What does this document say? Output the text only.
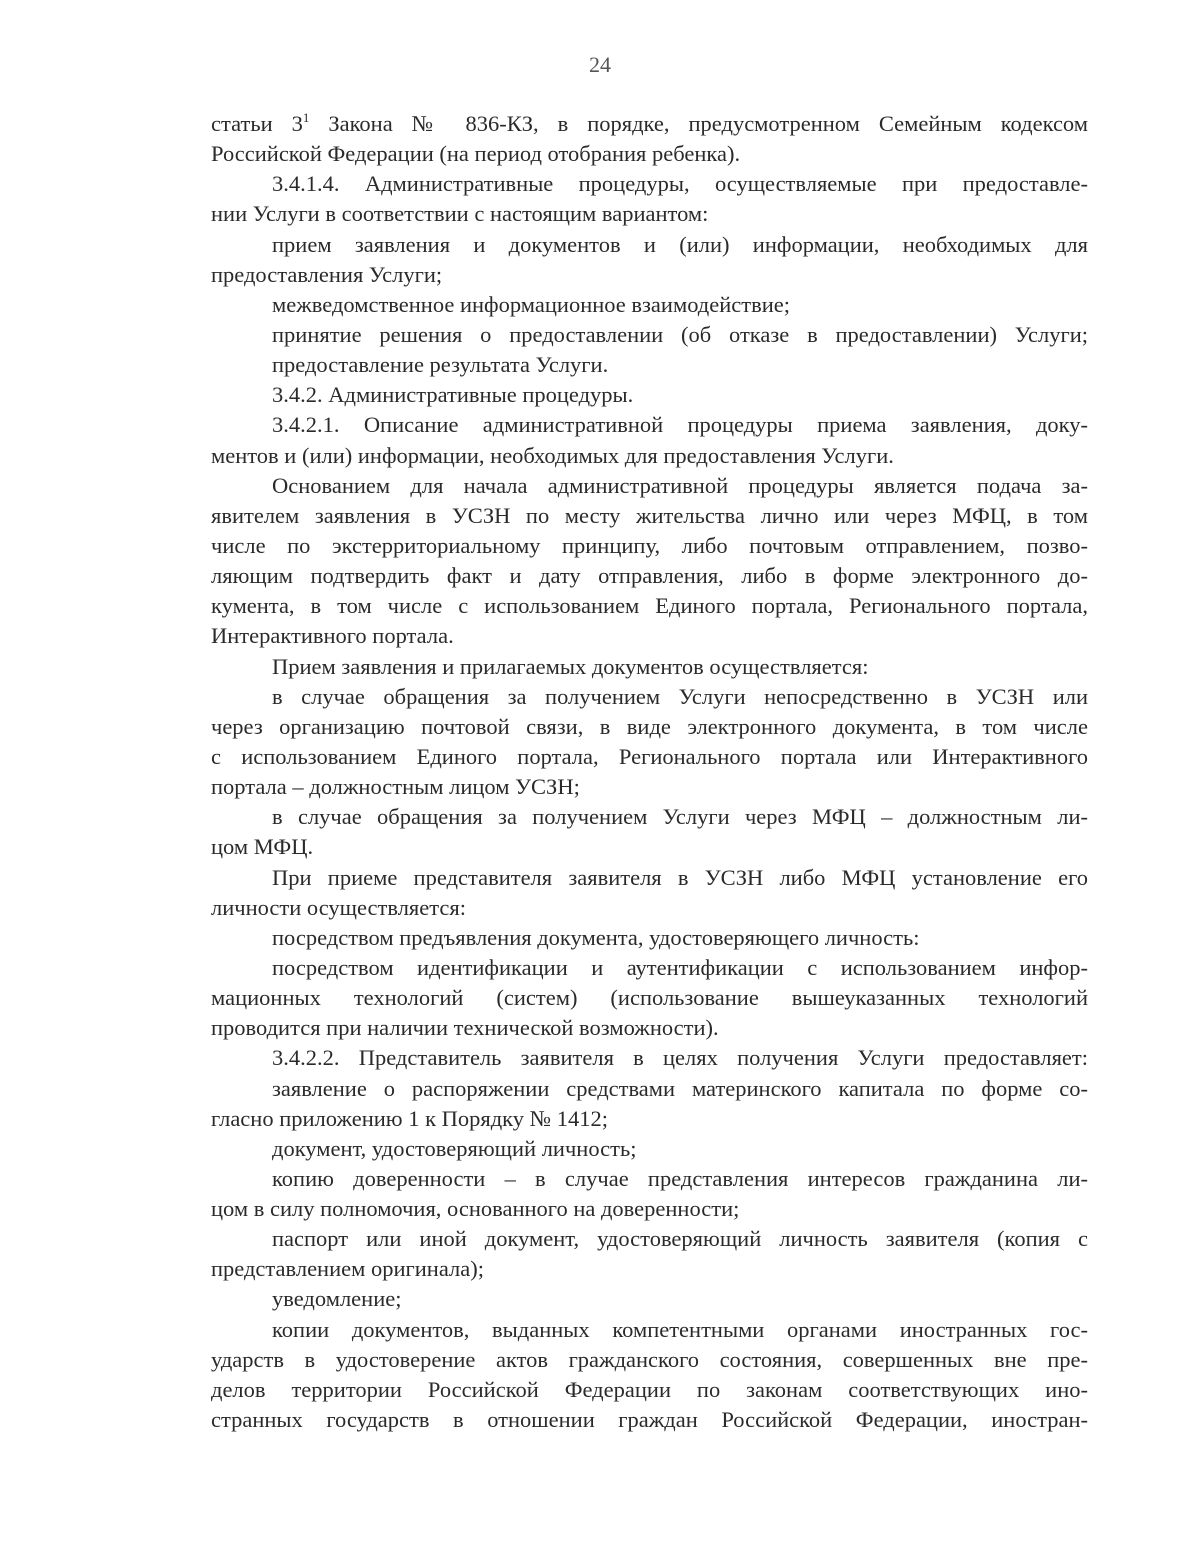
24
статьи $3^1$ Закона № 836-КЗ, в порядке, предусмотренном Семейным кодексом
Российской Федерации (на период отобрания ребенка).
3.4.1.4. Административные процедуры, осуществляемые при предоставле-
нии Услуги в соответствии с настоящим вариантом:
прием заявления и документов и (или) информации, необходимых для
предоставления Услуги;
межведомственное информационное взаимодействие;
принятие решения о предоставлении (об отказе в предоставлении) Услуги;
предоставление результата Услуги.
3.4.2. Административные процедуры.
3.4.2.1. Описание административной процедуры приема заявления, доку-
ментов и (или) информации, необходимых для предоставления Услуги.
Основанием для начала административной процедуры является подача за-
явителем заявления в УСЗН по месту жительства лично или через МФЦ, в том
числе по экстерриториальному принципу, либо почтовым отправлением, позво-
ляющим подтвердить факт и дату отправления, либо в форме электронного до-
кумента, в том числе с использованием Единого портала, Регионального портала,
Интерактивного портала.
Прием заявления и прилагаемых документов осуществляется:
в случае обращения за получением Услуги непосредственно в УСЗН или
через организацию почтовой связи, в виде электронного документа, в том числе
с использованием Единого портала, Регионального портала или Интерактивного
портала – должностным лицом УСЗН;
в случае обращения за получением Услуги через МФЦ – должностным ли-
цом МФЦ.
При приеме представителя заявителя в УСЗН либо МФЦ установление его
личности осуществляется:
посредством предъявления документа, удостоверяющего личность:
посредством идентификации и аутентификации с использованием инфор-
мационных технологий (систем) (использование вышеуказанных технологий
проводится при наличии технической возможности).
3.4.2.2. Представитель заявителя в целях получения Услуги предоставляет:
заявление о распоряжении средствами материнского капитала по форме со-
гласно приложению 1 к Порядку № 1412;
документ, удостоверяющий личность;
копию доверенности – в случае представления интересов гражданина ли-
цом в силу полномочия, основанного на доверенности;
паспорт или иной документ, удостоверяющий личность заявителя (копия с
представлением оригинала);
уведомление;
копии документов, выданных компетентными органами иностранных гос-
ударств в удостоверение актов гражданского состояния, совершенных вне пре-
делов территории Российской Федерации по законам соответствующих ино-
странных государств в отношении граждан Российской Федерации, иностран-
